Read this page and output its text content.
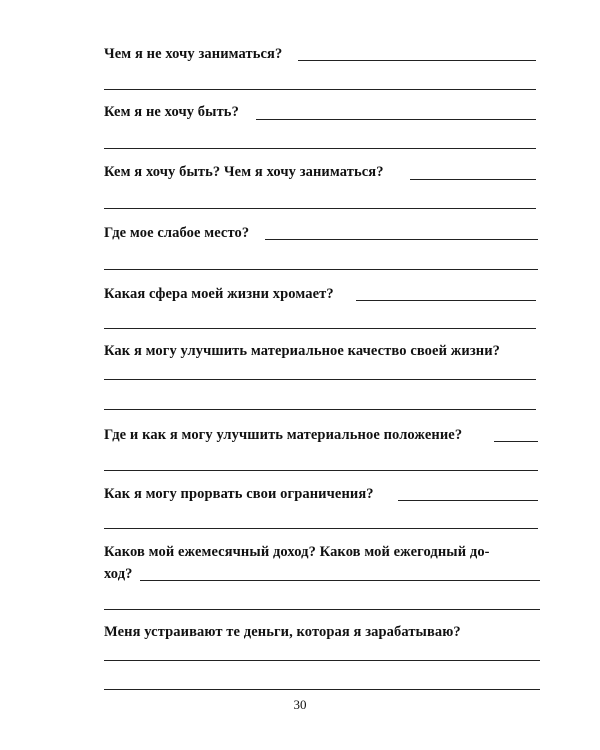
Чем я не хочу заниматься?
Кем я не хочу быть?
Кем я хочу быть? Чем я хочу заниматься?
Где мое слабое место?
Какая сфера моей жизни хромает?
Как я могу улучшить материальное качество своей жизни?
Где и как я могу улучшить материальное положение?
Как я могу прорвать свои ограничения?
Каков мой ежемесячный доход? Каков мой ежегодный до-
ход?
Меня устраивают те деньги, которая я зарабатываю?
30
